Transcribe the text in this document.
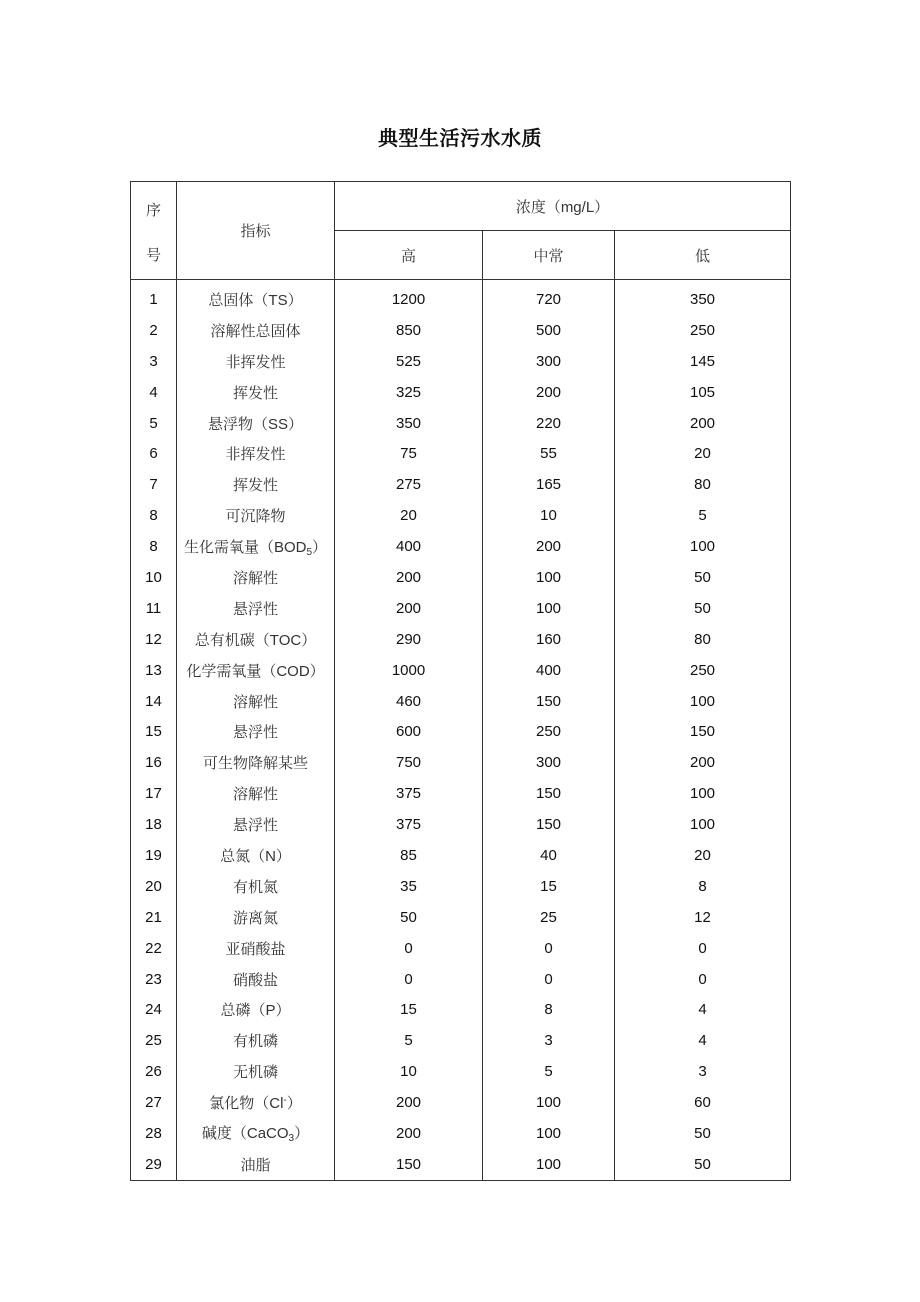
典型生活污水水质
序
号	指标	浓度（mg/L）		
		高	中常	低

1	总固体（TS）	1200	720	350
2	溶解性总固体	850	500	250
3	非挥发性	525	300	145
4	挥发性	325	200	105
5	悬浮物（SS）	350	220	200
6	非挥发性	75	55	20
7	挥发性	275	165	80
8	可沉降物	20	10	5
8	生化需氧量$(BOD_5)$	400	200	100
10	溶解性	200	100	50
11	悬浮性	200	100	50
12	总有机碳（TOC）	290	160	80
13	化学需氧量（COD）	1000	400	250
14	溶解性	460	150	100
15	悬浮性	600	250	150
16	可生物降解某些	750	300	200
17	溶解性	375	150	100
18	悬浮性	375	150	100
19	总氮（N）	85	40	20
20	有机氮	35	15	8
21	游离氮	50	25	12
22	亚硝酸盐	0	0	0
23	硝酸盐	0	0	0
24	总磷（P）	15	8	4
25	有机磷	5	3	4
26	无机磷	10	5	3
27	氯化物（Cl-）	200	100	60
28	碱度（CaCO$_3$）	200	100	50
29	油脂	150	100	50
